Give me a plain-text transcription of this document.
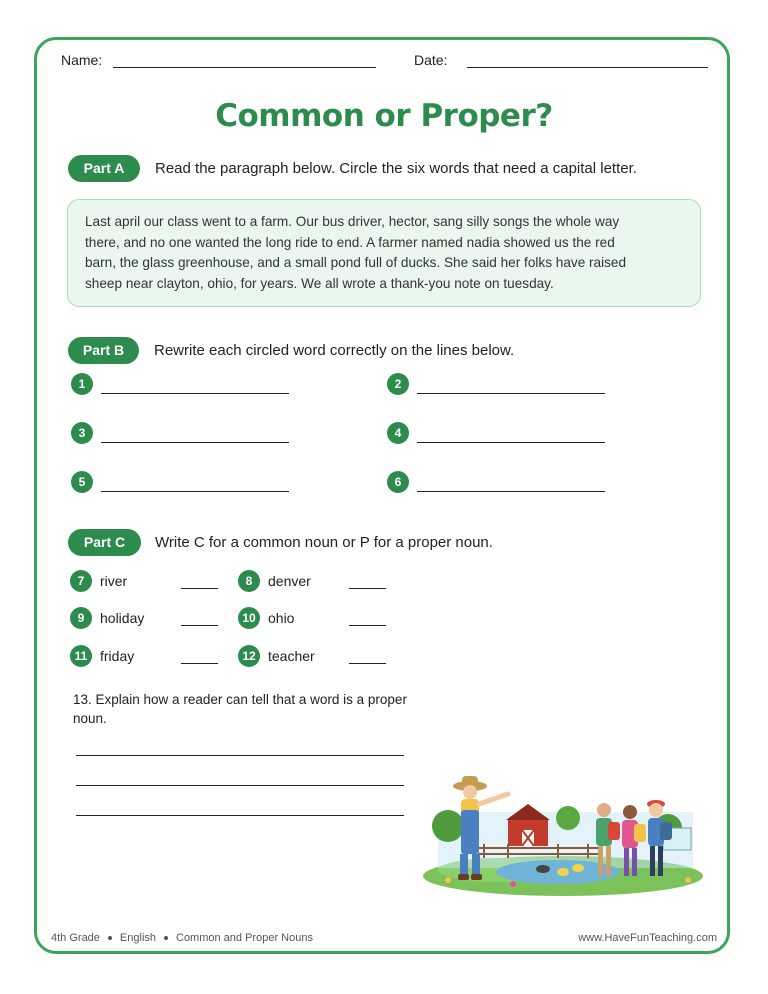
Name:	Date:
Common or Proper?
Part A	Read the paragraph below. Circle the six words that need a capital letter.
Last april our class went to a farm. Our bus driver, hector, sang silly songs the whole way
there, and no one wanted the long ride to end. A farmer named nadia showed us the red
barn, the glass greenhouse, and a small pond full of ducks. She said her folks have raised
sheep near clayton, ohio, for years. We all wrote a thank-you note on tuesday.
Part B	Rewrite each circled word correctly on the lines below.
1	2
3	4
5	6
Part C	Write C for a common noun or P for a proper noun.
7	river	8	denver
9	holiday	10 ohio
11 friday	12 teacher
13. Explain how a reader can tell that a word is a proper noun.
4th Grade English Common and Proper Nouns	www.HaveFunTeaching.com
